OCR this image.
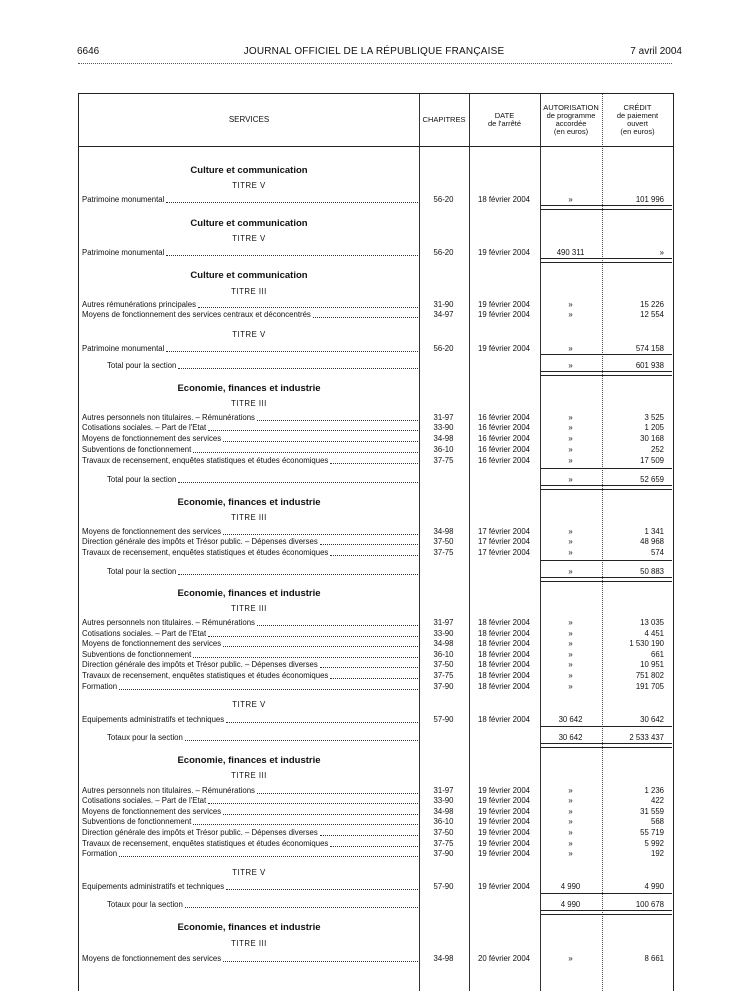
6646	JOURNAL OFFICIEL DE LA RÉPUBLIQUE FRANÇAISE	7 avril 2004
SERVICES	CHAPITRES	DATE
de l'arrêté
AUTORISATION
de programme
accordée
(en euros)
CRÉDIT
de paiement
ouvert
(en euros)
Culture et communication
TITRE V
Patrimoine monumental	56-20	18 février 2004	»	101 996
Culture et communication
TITRE V
Patrimoine monumental	56-20	19 février 2004	490 311	»
Culture et communication
TITRE III
Autres rémunérations principales	31-90	19 février 2004	»	15 226
Moyens de fonctionnement des services centraux et déconcentrés	34-97	19 février 2004	»	12 554
TITRE V
Patrimoine monumental	56-20	19 février 2004	»	574 158
Total pour la section	»	601 938
Economie, finances et industrie
TITRE III
Autres personnels non titulaires. – Rémunérations	31-97	16 février 2004	»	3 525
Cotisations sociales. – Part de l'Etat	33-90	16 février 2004	»	1 205
Moyens de fonctionnement des services	34-98	16 février 2004	»	30 168
Subventions de fonctionnement	36-10	16 février 2004	»	252
Travaux de recensement, enquêtes statistiques et études économiques	37-75	16 février 2004	»	17 509
Total pour la section	»	52 659
Economie, finances et industrie
TITRE III
Moyens de fonctionnement des services	34-98	17 février 2004	»	1 341
Direction générale des impôts et Trésor public. – Dépenses diverses	37-50	17 février 2004	»	48 968
Travaux de recensement, enquêtes statistiques et études économiques	37-75	17 février 2004	»	574
Total pour la section	»	50 883
Economie, finances et industrie
TITRE III
Autres personnels non titulaires. – Rémunérations	31-97	18 février 2004	»	13 035
Cotisations sociales. – Part de l'Etat	33-90	18 février 2004	»	4 451
Moyens de fonctionnement des services	34-98	18 février 2004	»	1 530 190
Subventions de fonctionnement	36-10	18 février 2004	»	661
Direction générale des impôts et Trésor public. – Dépenses diverses	37-50	18 février 2004	»	10 951
Travaux de recensement, enquêtes statistiques et études économiques	37-75	18 février 2004	»	751 802
Formation	37-90	18 février 2004	»	191 705
TITRE V
Equipements administratifs et techniques	57-90	18 février 2004	30 642	30 642
Totaux pour la section	30 642	2 533 437
Economie, finances et industrie
TITRE III
Autres personnels non titulaires. – Rémunérations	31-97	19 février 2004	»	1 236
Cotisations sociales. – Part de l'Etat	33-90	19 février 2004	»	422
Moyens de fonctionnement des services	34-98	19 février 2004	»	31 559
Subventions de fonctionnement	36-10	19 février 2004	»	568
Direction générale des impôts et Trésor public. – Dépenses diverses	37-50	19 février 2004	»	55 719
Travaux de recensement, enquêtes statistiques et études économiques	37-75	19 février 2004	»	5 992
Formation	37-90	19 février 2004	»	192
TITRE V
Equipements administratifs et techniques	57-90	19 février 2004	4 990	4 990
Totaux pour la section	4 990	100 678
Economie, finances et industrie
TITRE III
Moyens de fonctionnement des services	34-98	20 février 2004	»	8 661
